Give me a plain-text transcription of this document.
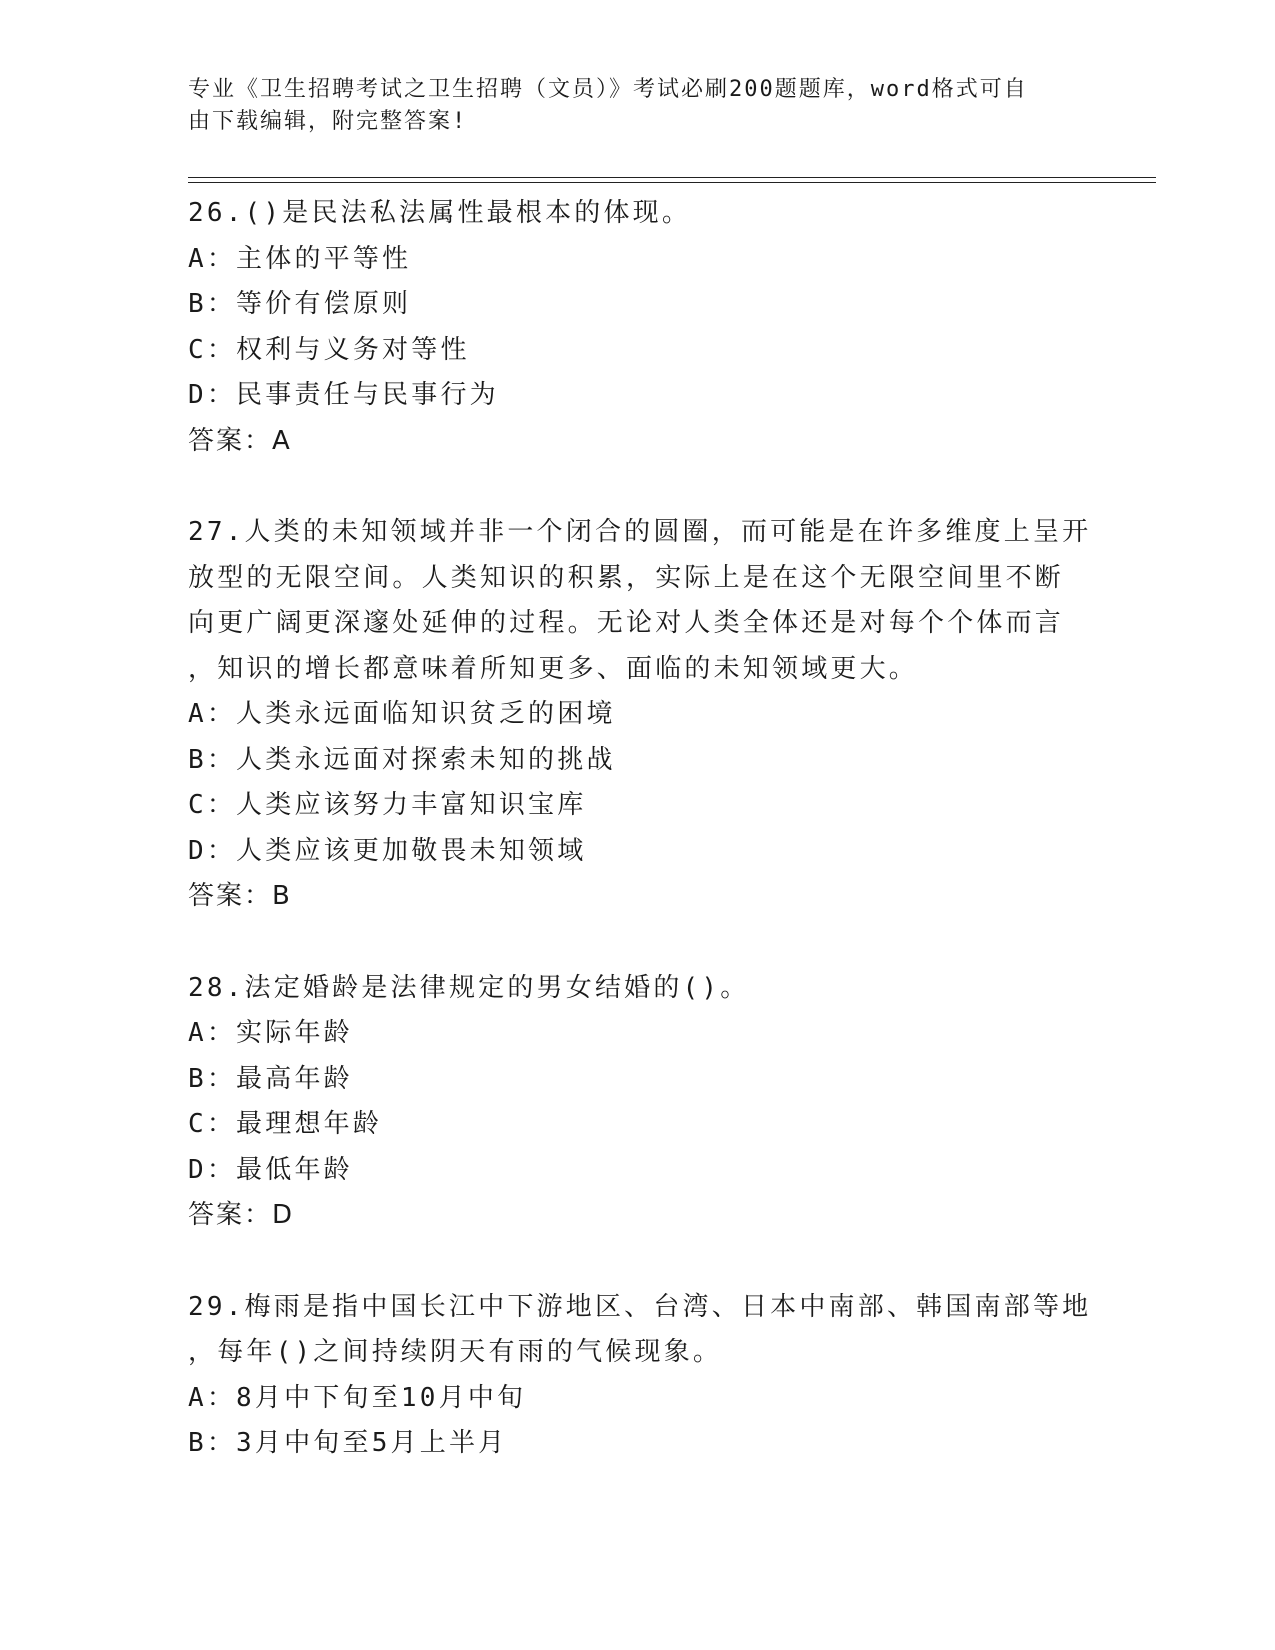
专业《卫生招聘考试之卫生招聘（文员）》考试必刷200题题库，word格式可自
由下载编辑，附完整答案!
26.()是民法私法属性最根本的体现。
A：主体的平等性
B：等价有偿原则
C：权利与义务对等性
D：民事责任与民事行为
答案：A
27.人类的未知领域并非一个闭合的圆圈，而可能是在许多维度上呈开
放型的无限空间。人类知识的积累，实际上是在这个无限空间里不断
向更广阔更深邃处延伸的过程。无论对人类全体还是对每个个体而言
，知识的增长都意味着所知更多、面临的未知领域更大。
A：人类永远面临知识贫乏的困境
B：人类永远面对探索未知的挑战
C：人类应该努力丰富知识宝库
D：人类应该更加敬畏未知领域
答案：B
28.法定婚龄是法律规定的男女结婚的()。
A：实际年龄
B：最高年龄
C：最理想年龄
D：最低年龄
答案：D
29.梅雨是指中国长江中下游地区、台湾、日本中南部、韩国南部等地
，每年()之间持续阴天有雨的气候现象。
A：8月中下旬至10月中旬
B：3月中旬至5月上半月
